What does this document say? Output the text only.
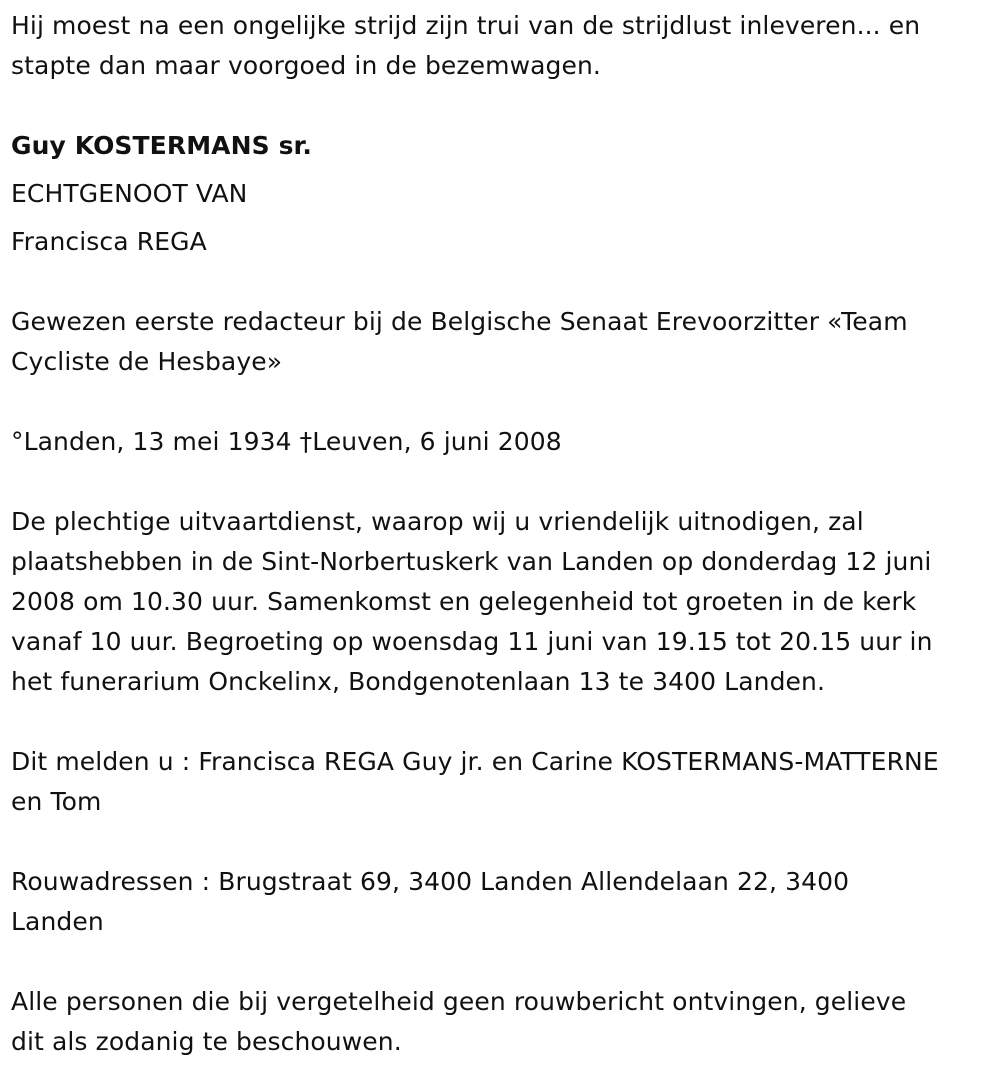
Hij moest na een ongelijke strijd zijn trui van de strijdlust inleveren... en
stapte dan maar voorgoed in de bezemwagen.

Guy KOSTERMANS sr.

ECHTGENOOT VAN

Francisca REGA

Gewezen eerste redacteur bij de Belgische Senaat Erevoorzitter «Team
Cycliste de Hesbaye»

°Landen, 13 mei 1934 †Leuven, 6 juni 2008

De plechtige uitvaartdienst, waarop wij u vriendelijk uitnodigen, zal
plaatshebben in de Sint-Norbertuskerk van Landen op donderdag 12 juni
2008 om 10.30 uur. Samenkomst en gelegenheid tot groeten in de kerk
vanaf 10 uur. Begroeting op woensdag 11 juni van 19.15 tot 20.15 uur in
het funerarium Onckelinx, Bondgenotenlaan 13 te 3400 Landen.

Dit melden u : Francisca REGA Guy jr. en Carine KOSTERMANS-MATTERNE
en Tom

Rouwadressen : Brugstraat 69, 3400 Landen Allendelaan 22, 3400
Landen

Alle personen die bij vergetelheid geen rouwbericht ontvingen, gelieve
dit als zodanig te beschouwen.
